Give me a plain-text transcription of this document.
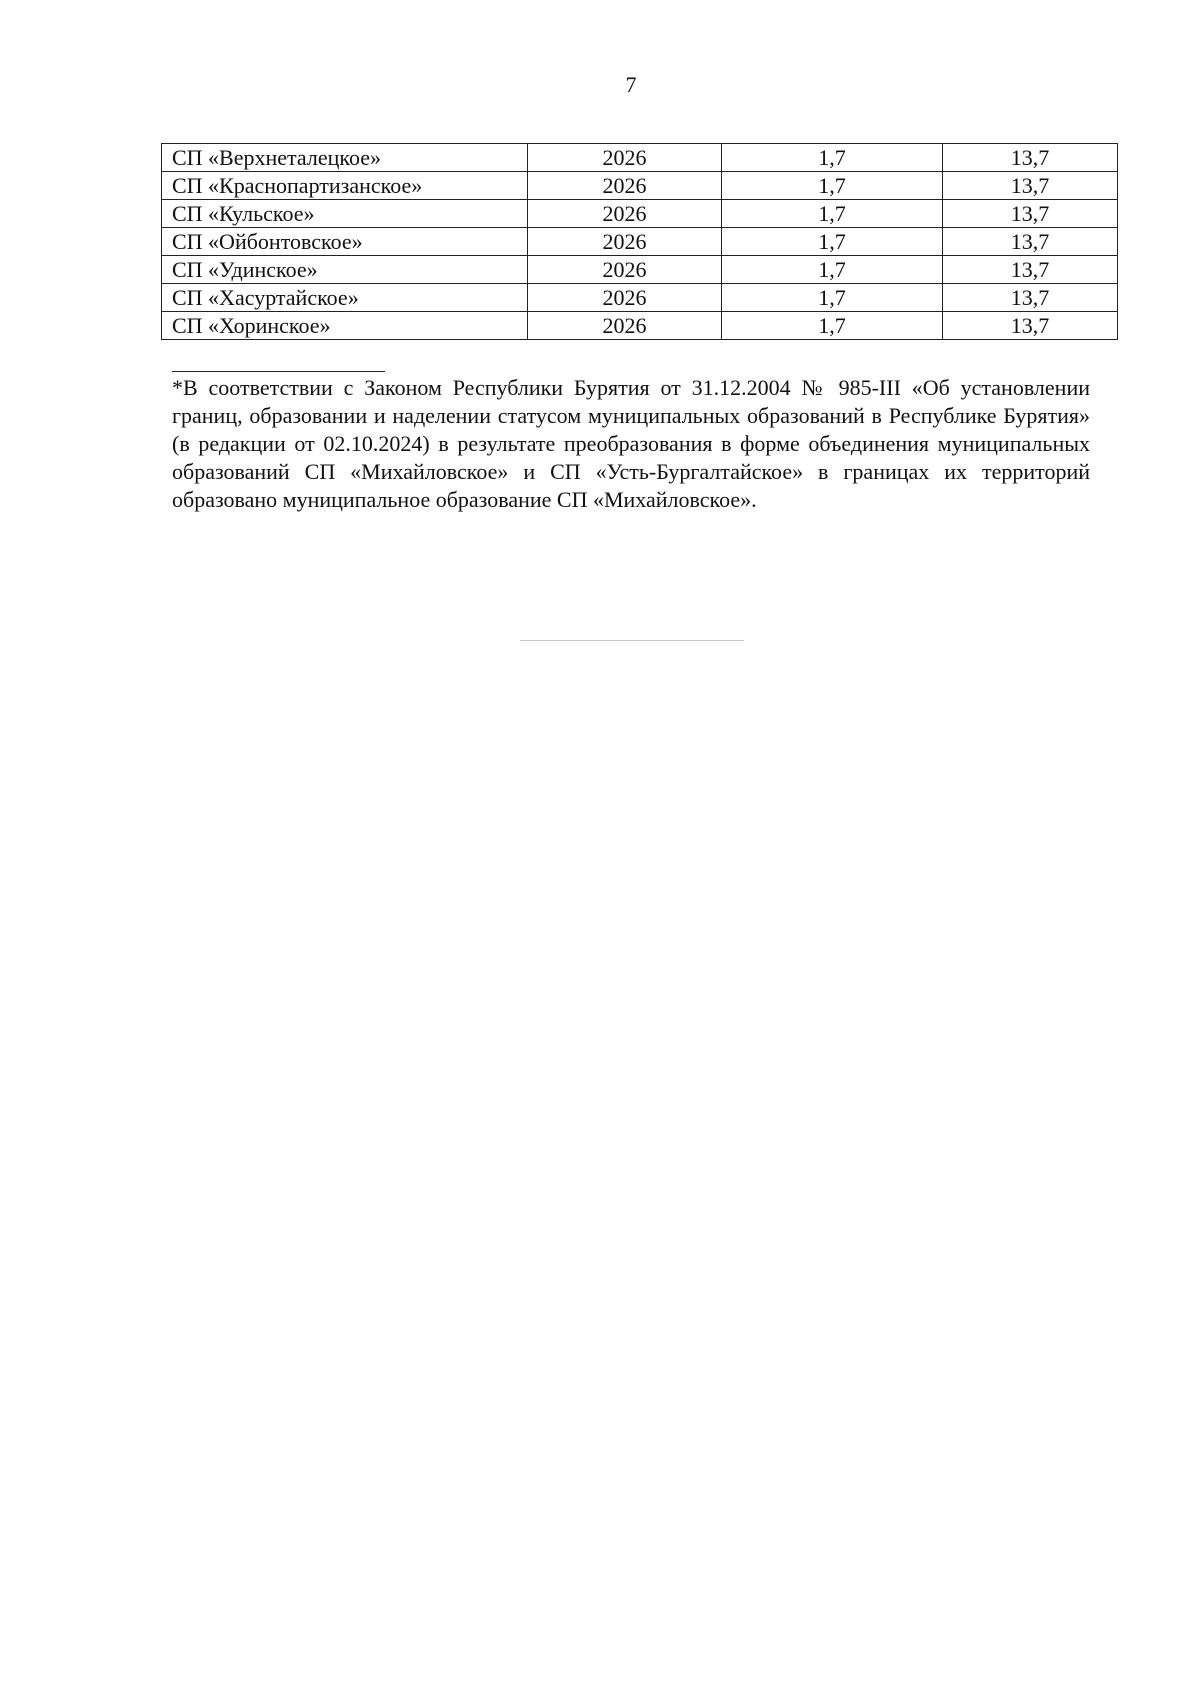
7
СП «Верхнеталецкое»	2026	1,7	13,7
СП «Краснопартизанское»	2026	1,7	13,7
СП «Кульское»	2026	1,7	13,7
СП «Ойбонтовское»	2026	1,7	13,7
СП «Удинское»	2026	1,7	13,7
СП «Хасуртайское»	2026	1,7	13,7
СП «Хоринское»	2026	1,7	13,7

*В соответствии с Законом Республики Бурятия от 31.12.2004 № 985-III «Об установлении границ, образовании и наделении статусом муниципальных образований в Республике Бурятия» (в редакции от 02.10.2024) в результате преобразования в форме объединения муниципальных образований СП «Михайловское» и СП «Усть-Бургалтайское» в границах их территорий образовано муниципальное образование СП «Михайловское».
